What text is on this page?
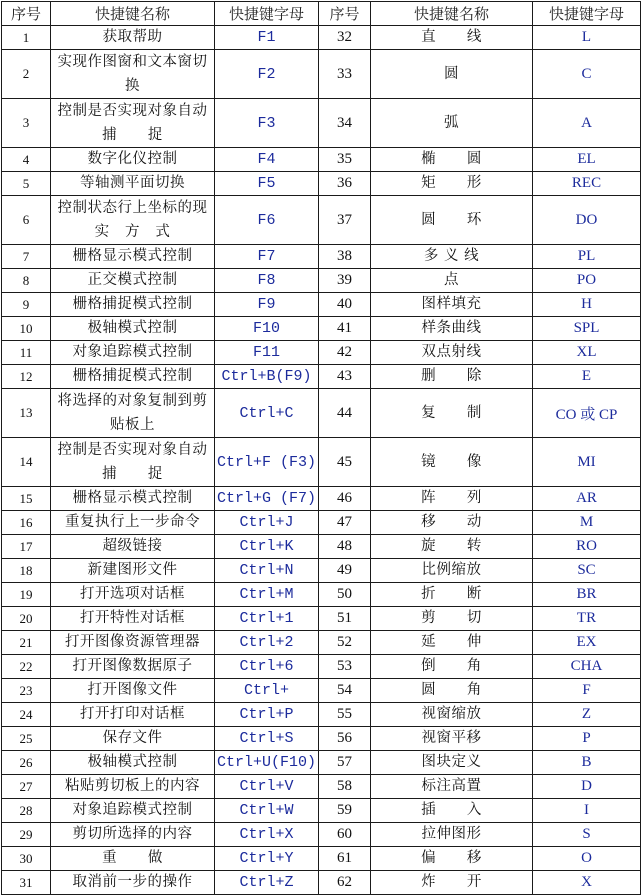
序号	快捷键名称	快捷键字母	序号	快捷键名称	快捷键字母
1	获取帮助	F1	32	直      线	L
2	实现作图窗和文本窗切换	F2	33	圆	C
3	控制是否实现对象自动捕      捉	F3	34	弧	A
4	数字化仪控制	F4	35	椭      圆	EL
5	等轴测平面切换	F5	36	矩      形	REC
6	控制状态行上坐标的现实   方   式	F6	37	圆      环	DO
7	栅格显示模式控制	F7	38	多 义 线	PL
8	正交模式控制	F8	39	点	PO
9	栅格捕捉模式控制	F9	40	图样填充	H
10	极轴模式控制	F10	41	样条曲线	SPL
11	对象追踪模式控制	F11	42	双点射线	XL
12	栅格捕捉模式控制	Ctrl+B(F9)	43	删      除	E
13	将选择的对象复制到剪贴板上	Ctrl+C	44	复      制	CO 或 CP
14	控制是否实现对象自动捕      捉	Ctrl+F (F3)	45	镜      像	MI
15	栅格显示模式控制	Ctrl+G (F7)	46	阵      列	AR
16	重复执行上一步命令	Ctrl+J	47	移      动	M
17	超级链接	Ctrl+K	48	旋      转	RO
18	新建图形文件	Ctrl+N	49	比例缩放	SC
19	打开选项对话框	Ctrl+M	50	折      断	BR
20	打开特性对话框	Ctrl+1	51	剪      切	TR
21	打开图像资源管理器	Ctrl+2	52	延      伸	EX
22	打开图像数据原子	Ctrl+6	53	倒      角	CHA
23	打开图像文件	Ctrl+	54	圆      角	F
24	打开打印对话框	Ctrl+P	55	视窗缩放	Z
25	保存文件	Ctrl+S	56	视窗平移	P
26	极轴模式控制	Ctrl+U(F10)	57	图块定义	B
27	粘贴剪切板上的内容	Ctrl+V	58	标注高置	D
28	对象追踪模式控制	Ctrl+W	59	插      入	I
29	剪切所选择的内容	Ctrl+X	60	拉伸图形	S
30	重      做	Ctrl+Y	61	偏      移	O
31	取消前一步的操作	Ctrl+Z	62	炸      开	X
